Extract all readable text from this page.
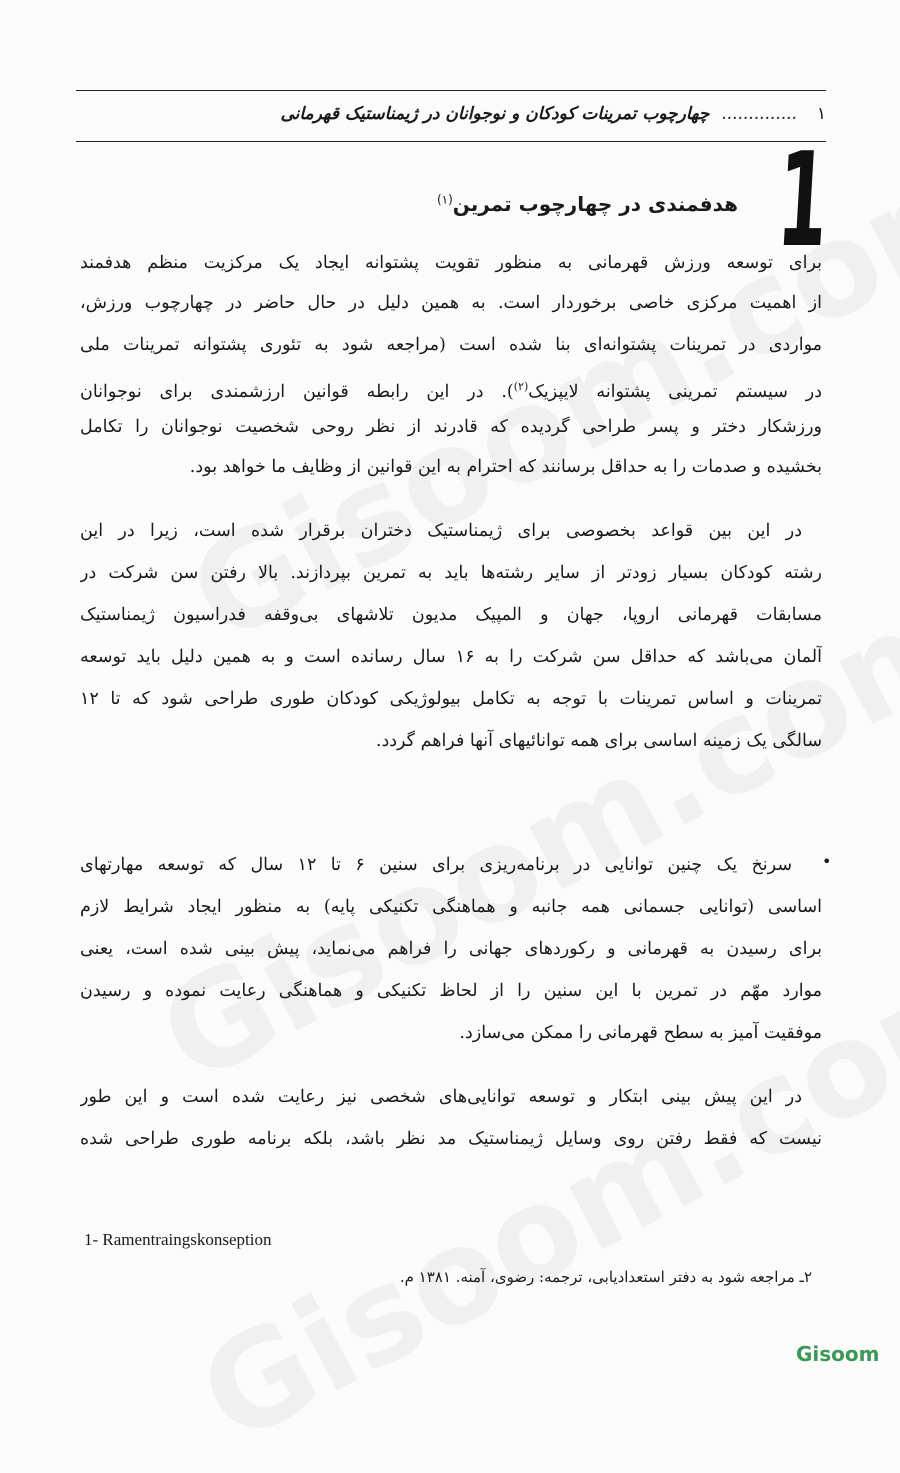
۱ .............. چهارچوب تمرینات کودکان و نوجوانان در ژیمناستیک قهرمانی
1
هدفمندی در چهارچوب تمرین$^{(۱)}$
برای توسعه ورزش قهرمانی به منظور تقویت پشتوانه ایجاد یک مرکزیت منظم هدفمند
از اهمیت مرکزی خاصی برخوردار است. به همین دلیل در حال حاضر در چهارچوب ورزش،
مواردی در تمرینات پشتوانه‌ای بنا شده است (مراجعه شود به تئوری پشتوانه تمرینات ملی
در سیستم تمرینی پشتوانه لایپزیک$^{(۲)}$). در این رابطه قوانین ارزشمندی برای نوجوانان
ورزشکار دختر و پسر طراحی گردیده که قادرند از نظر روحی شخصیت نوجوانان را تکامل
بخشیده و صدمات را به حداقل برسانند که احترام به این قوانین از وظایف ما خواهد بود.
در این بین قواعد بخصوصی برای ژیمناستیک دختران برقرار شده است، زیرا در این
رشته کودکان بسیار زودتر از سایر رشته‌ها باید به تمرین بپردازند. بالا رفتن سن شرکت در
مسابقات قهرمانی اروپا، جهان و المپیک مدیون تلاشهای بی‌وقفه فدراسیون ژیمناستیک
آلمان می‌باشد که حداقل سن شرکت را به ۱۶ سال رسانده است و به همین دلیل باید توسعه
تمرینات و اساس تمرینات با توجه به تکامل بیولوژیکی کودکان طوری طراحی شود که تا ۱۲
سالگی یک زمینه اساسی برای همه توانائیهای آنها فراهم گردد.
•
سرنخ یک چنین توانایی در برنامه‌ریزی برای سنین ۶ تا ۱۲ سال که توسعه مهارتهای
اساسی (توانایی جسمانی همه جانبه و هماهنگی تکنیکی پایه) به منظور ایجاد شرایط لازم
برای رسیدن به قهرمانی و رکوردهای جهانی را فراهم می‌نماید، پیش بینی شده است، یعنی
موارد مهّم در تمرین با این سنین را از لحاظ تکنیکی و هماهنگی رعایت نموده و رسیدن
موفقیت آمیز به سطح قهرمانی را ممکن می‌سازد.
در این پیش بینی ابتکار و توسعه توانایی‌های شخصی نیز رعایت شده است و این طور
نیست که فقط رفتن روی وسایل ژیمناستیک مد نظر باشد، بلکه برنامه طوری طراحی شده
1- Ramentraingskonseption
۲ـ مراجعه شود به دفتر استعدادیابی، ترجمه: رضوی، آمنه. ۱۳۸۱ م.
Gisoom
